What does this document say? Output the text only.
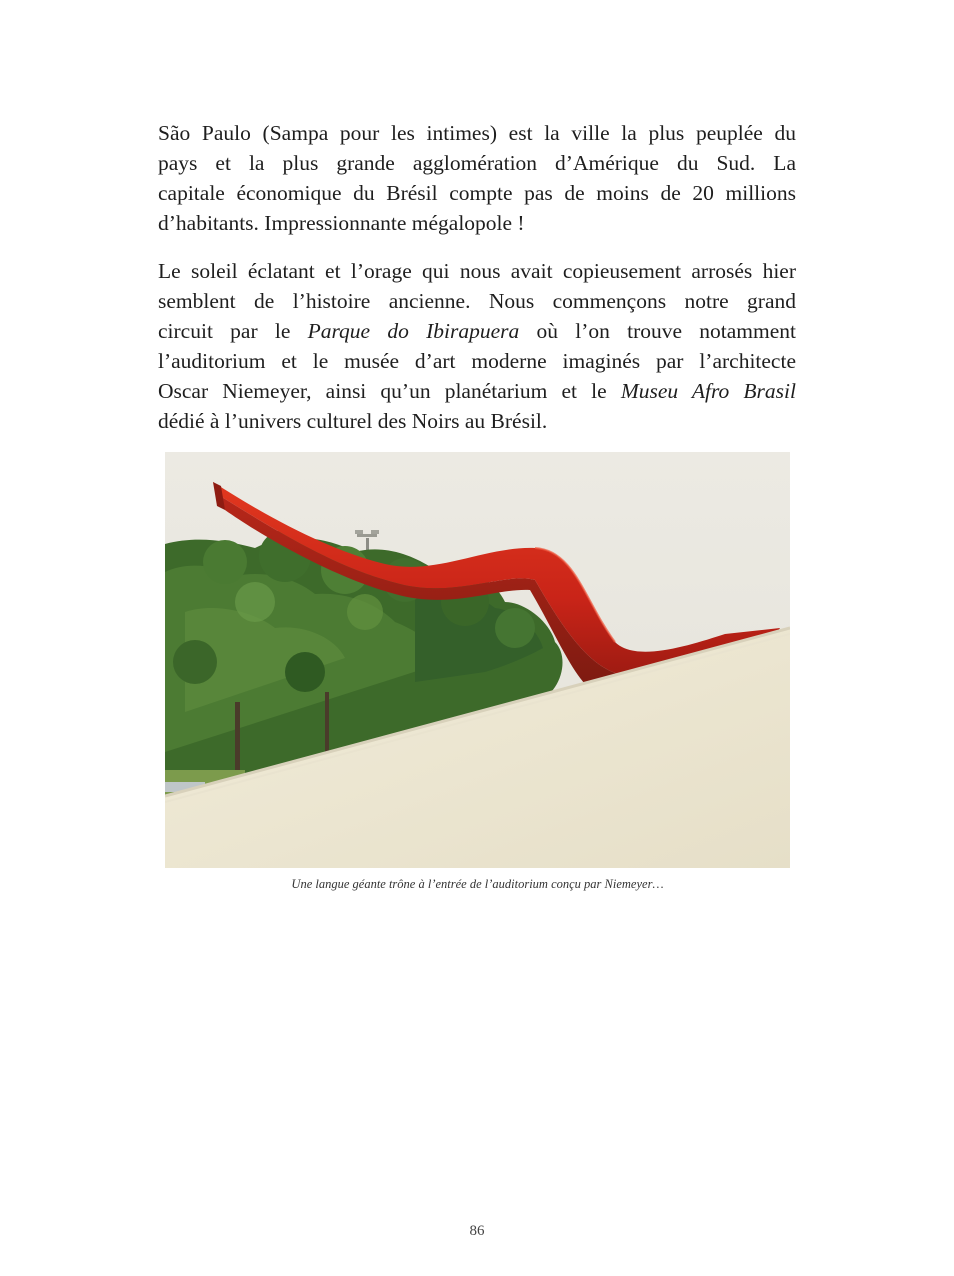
São Paulo (Sampa pour les intimes) est la ville la plus peuplée du
pays et la plus grande agglomération d’Amérique du Sud. La
capitale économique du Brésil compte pas de moins de 20 millions
d’habitants. Impressionnante mégalopole !
Le soleil éclatant et l’orage qui nous avait copieusement arrosés hier
semblent de l’histoire ancienne. Nous commençons notre grand
circuit par le Parque do Ibirapuera où l’on trouve notamment
l’auditorium et le musée d’art moderne imaginés par l’architecte
Oscar Niemeyer, ainsi qu’un planétarium et le Museu Afro Brasil
dédié à l’univers culturel des Noirs au Brésil.
Une langue géante trône à l’entrée de l’auditorium conçu par Niemeyer…
86
